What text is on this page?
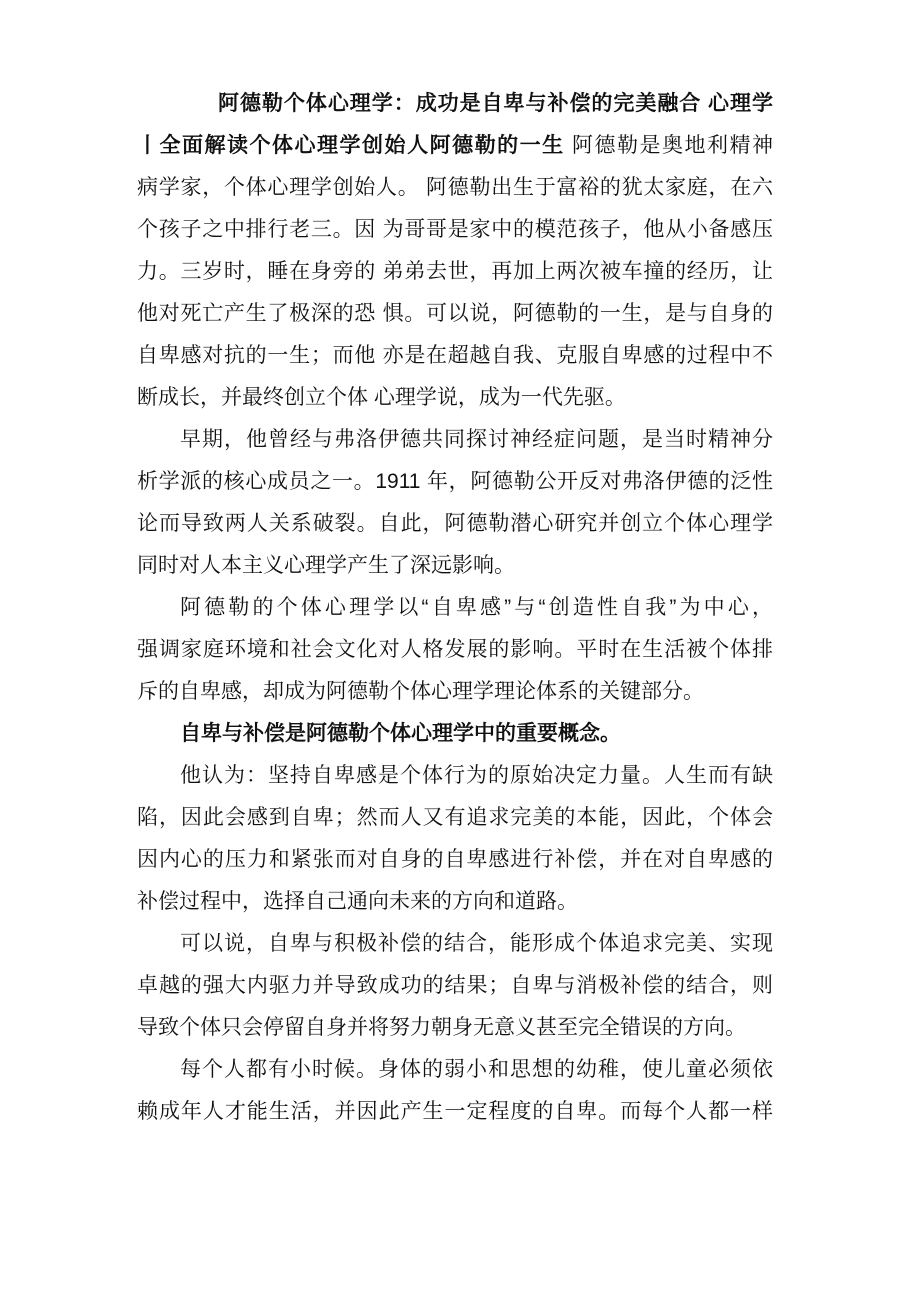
阿德勒个体心理学：成功是自卑与补偿的完美融合 心理学
丨全面解读个体心理学创始人阿德勒的一生 阿德勒是奥地利精神
病学家，个体心理学创始人。 阿德勒出生于富裕的犹太家庭，在六
个孩子之中排行老三。因 为哥哥是家中的模范孩子，他从小备感压
力。三岁时，睡在身旁的 弟弟去世，再加上两次被车撞的经历，让
他对死亡产生了极深的恐 惧。可以说，阿德勒的一生，是与自身的
自卑感对抗的一生；而他 亦是在超越自我、克服自卑感的过程中不
断成长，并最终创立个体 心理学说，成为一代先驱。
早期，他曾经与弗洛伊德共同探讨神经症问题，是当时精神分
析学派的核心成员之一。1911 年，阿德勒公开反对弗洛伊德的泛性
论而导致两人关系破裂。自此，阿德勒潜心研究并创立个体心理学
同时对人本主义心理学产生了深远影响。
阿德勒的个体心理学以“自卑感”与“创造性自我”为中心，
强调家庭环境和社会文化对人格发展的影响。平时在生活被个体排
斥的自卑感，却成为阿德勒个体心理学理论体系的关键部分。
自卑与补偿是阿德勒个体心理学中的重要概念。
他认为：坚持自卑感是个体行为的原始决定力量。人生而有缺
陷，因此会感到自卑；然而人又有追求完美的本能，因此，个体会
因内心的压力和紧张而对自身的自卑感进行补偿，并在对自卑感的
补偿过程中，选择自己通向未来的方向和道路。
可以说，自卑与积极补偿的结合，能形成个体追求完美、实现
卓越的强大内驱力并导致成功的结果；自卑与消极补偿的结合，则
导致个体只会停留自身并将努力朝身无意义甚至完全错误的方向。
每个人都有小时候。身体的弱小和思想的幼稚，使儿童必须依
赖成年人才能生活，并因此产生一定程度的自卑。而每个人都一样
